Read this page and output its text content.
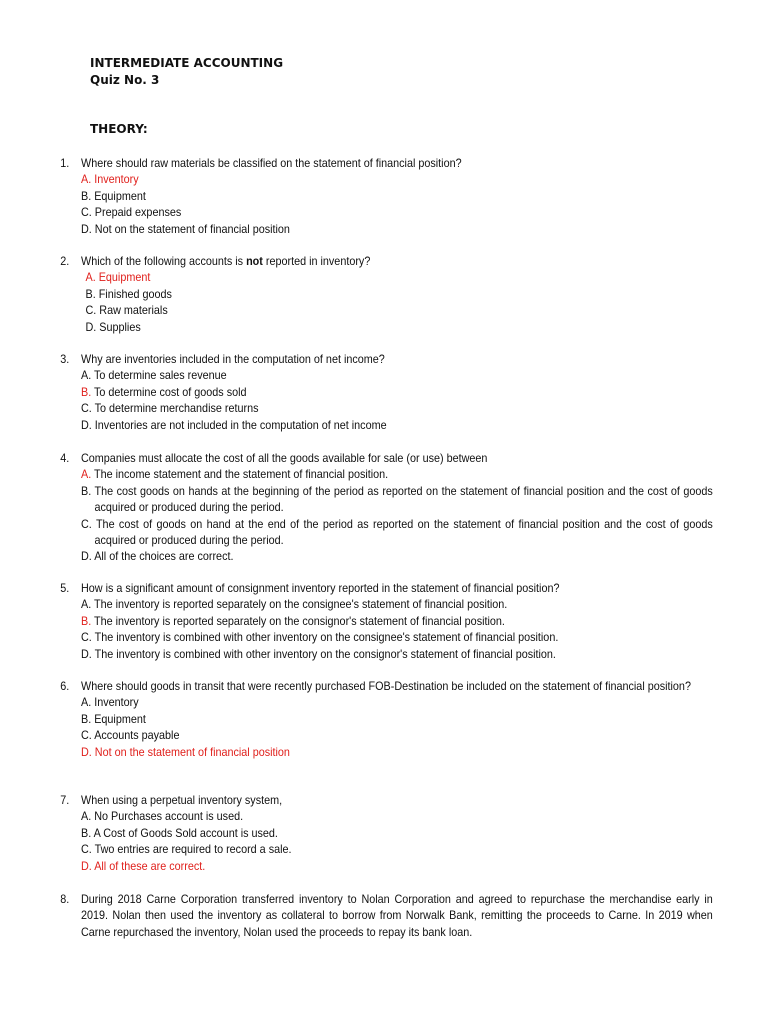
INTERMEDIATE ACCOUNTING
Quiz No. 3
THEORY:
1. Where should raw materials be classified on the statement of financial position?
A. Inventory
B. Equipment
C. Prepaid expenses
D. Not on the statement of financial position
2. Which of the following accounts is not reported in inventory?
A. Equipment
B. Finished goods
C. Raw materials
D. Supplies
3. Why are inventories included in the computation of net income?
A. To determine sales revenue
B. To determine cost of goods sold
C. To determine merchandise returns
D. Inventories are not included in the computation of net income
4. Companies must allocate the cost of all the goods available for sale (or use) between
A. The income statement and the statement of financial position.
B. The cost goods on hands at the beginning of the period as reported on the statement of financial position and the cost of goods acquired or produced during the period.
C. The cost of goods on hand at the end of the period as reported on the statement of financial position and the cost of goods acquired or produced during the period.
D. All of the choices are correct.
5. How is a significant amount of consignment inventory reported in the statement of financial position?
A. The inventory is reported separately on the consignee's statement of financial position.
B. The inventory is reported separately on the consignor's statement of financial position.
C. The inventory is combined with other inventory on the consignee's statement of financial position.
D. The inventory is combined with other inventory on the consignor's statement of financial position.
6. Where should goods in transit that were recently purchased FOB-Destination be included on the statement of financial position?
A. Inventory
B. Equipment
C. Accounts payable
D. Not on the statement of financial position
7. When using a perpetual inventory system,
A. No Purchases account is used.
B. A Cost of Goods Sold account is used.
C. Two entries are required to record a sale.
D. All of these are correct.
8. During 2018 Carne Corporation transferred inventory to Nolan Corporation and agreed to repurchase the merchandise early in 2019. Nolan then used the inventory as collateral to borrow from Norwalk Bank, remitting the proceeds to Carne. In 2019 when Carne repurchased the inventory, Nolan used the proceeds to repay its bank loan.
